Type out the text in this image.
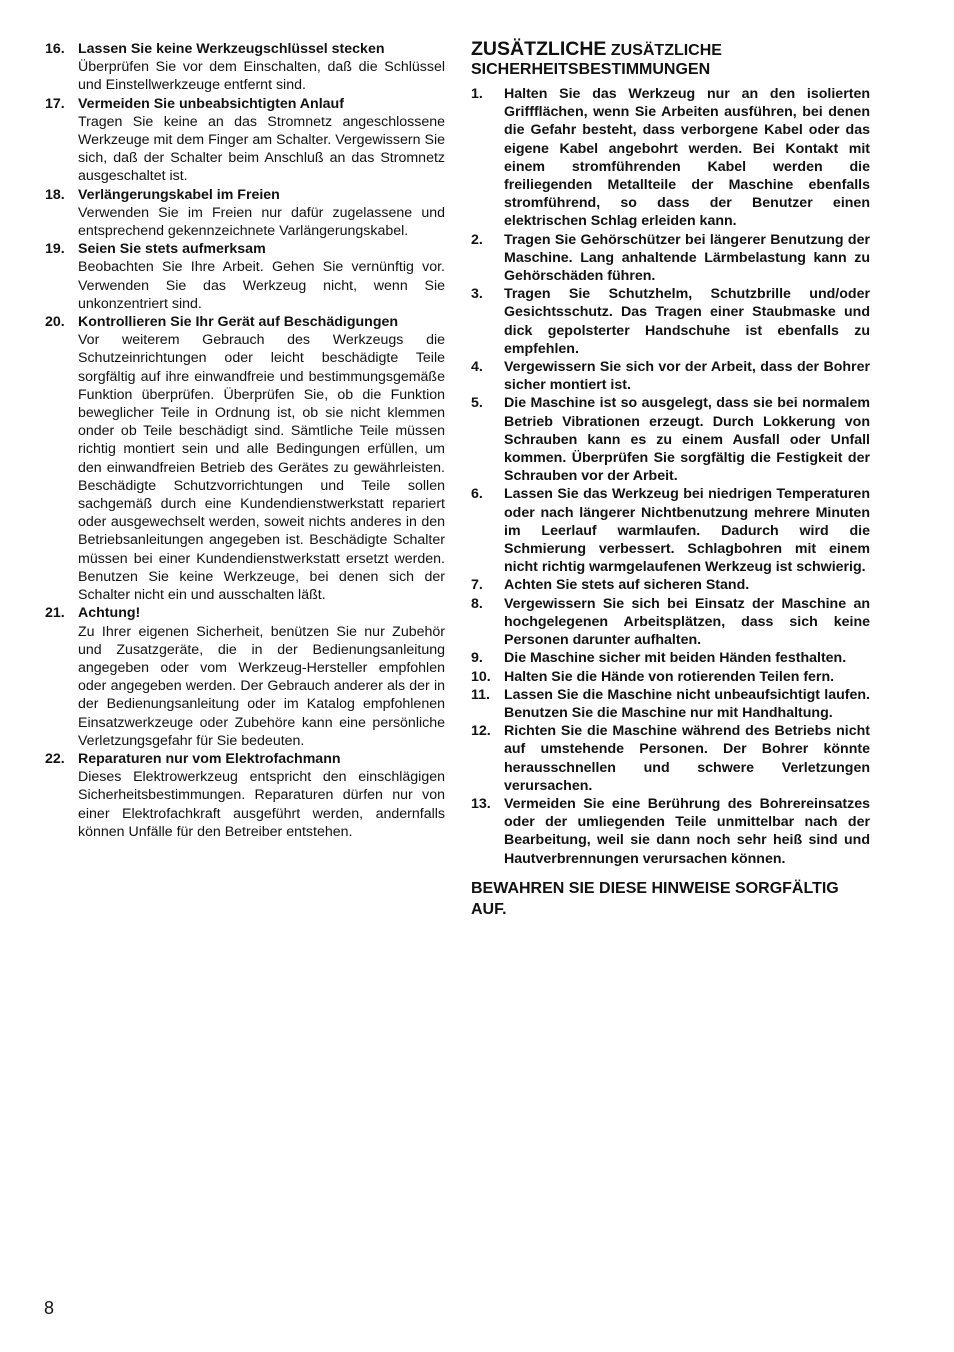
16. Lassen Sie keine Werkzeugschlüssel stecken
Überprüfen Sie vor dem Einschalten, daß die Schlüssel und Einstellwerkzeuge entfernt sind.
17. Vermeiden Sie unbeabsichtigten Anlauf
Tragen Sie keine an das Stromnetz angeschlossene Werkzeuge mit dem Finger am Schalter. Vergewissern Sie sich, daß der Schalter beim Anschluß an das Stromnetz ausgeschaltet ist.
18. Verlängerungskabel im Freien
Verwenden Sie im Freien nur dafür zugelassene und entsprechend gekennzeichnete Varlängerungskabel.
19. Seien Sie stets aufmerksam
Beobachten Sie Ihre Arbeit. Gehen Sie vernünftig vor. Verwenden Sie das Werkzeug nicht, wenn Sie unkonzentriert sind.
20. Kontrollieren Sie Ihr Gerät auf Beschädigungen
Vor weiterem Gebrauch des Werkzeugs die Schutzeinrichtungen oder leicht beschädigte Teile sorgfältig auf ihre einwandfreie und bestimmungsgemäße Funktion überprüfen. Überprüfen Sie, ob die Funktion beweglicher Teile in Ordnung ist, ob sie nicht klemmen onder ob Teile beschädigt sind. Sämtliche Teile müssen richtig montiert sein und alle Bedingungen erfüllen, um den einwandfreien Betrieb des Gerätes zu gewährleisten. Beschädigte Schutzvorrichtungen und Teile sollen sachgemäß durch eine Kundendienstwerkstatt repariert oder ausgewechselt werden, soweit nichts anderes in den Betriebsanleitungen angegeben ist. Beschädigte Schalter müssen bei einer Kundendienstwerkstatt ersetzt werden. Benutzen Sie keine Werkzeuge, bei denen sich der Schalter nicht ein und ausschalten läßt.
21. Achtung!
Zu Ihrer eigenen Sicherheit, benützen Sie nur Zubehör und Zusatzgeräte, die in der Bedienungsanleitung angegeben oder vom Werkzeug-Hersteller empfohlen oder angegeben werden. Der Gebrauch anderer als der in der Bedienungsanleitung oder im Katalog empfohlenen Einsatzwerkzeuge oder Zubehöre kann eine persönliche Verletzungsgefahr für Sie bedeuten.
22. Reparaturen nur vom Elektrofachmann
Dieses Elektrowerkzeug entspricht den einschlägigen Sicherheitsbestimmungen. Reparaturen dürfen nur von einer Elektrofachkraft ausgeführt werden, andernfalls können Unfälle für den Betreiber entstehen.
ZUSÄTZLICHE ZUSÄTZLICHE SICHERHEITSBESTIMMUNGEN
1.	Halten Sie das Werkzeug nur an den isolierten Griffflächen, wenn Sie Arbeiten ausführen, bei denen die Gefahr besteht, dass verborgene Kabel oder das eigene Kabel angebohrt werden. Bei Kontakt mit einem stromführenden Kabel werden die freiliegenden Metallteile der Maschine ebenfalls stromführend, so dass der Benutzer einen elektrischen Schlag erleiden kann.
2.	Tragen Sie Gehörschützer bei längerer Benutzung der Maschine. Lang anhaltende Lärmbelastung kann zu Gehörschäden führen.
3.	Tragen Sie Schutzhelm, Schutzbrille und/oder Gesichtsschutz. Das Tragen einer Staubmaske und dick gepolsterter Handschuhe ist ebenfalls zu empfehlen.
4.	Vergewissern Sie sich vor der Arbeit, dass der Bohrer sicher montiert ist.
5.	Die Maschine ist so ausgelegt, dass sie bei normalem Betrieb Vibrationen erzeugt. Durch Lokkerung von Schrauben kann es zu einem Ausfall oder Unfall kommen. Überprüfen Sie sorgfältig die Festigkeit der Schrauben vor der Arbeit.
6.	Lassen Sie das Werkzeug bei niedrigen Temperaturen oder nach längerer Nichtbenutzung mehrere Minuten im Leerlauf warmlaufen. Dadurch wird die Schmierung verbessert. Schlagbohren mit einem nicht richtig warmgelaufenen Werkzeug ist schwierig.
7.	Achten Sie stets auf sicheren Stand.
8.	Vergewissern Sie sich bei Einsatz der Maschine an hochgelegenen Arbeitsplätzen, dass sich keine Personen darunter aufhalten.
9.	Die Maschine sicher mit beiden Händen festhalten.
10. Halten Sie die Hände von rotierenden Teilen fern.
11. Lassen Sie die Maschine nicht unbeaufsichtigt laufen. Benutzen Sie die Maschine nur mit Handhaltung.
12. Richten Sie die Maschine während des Betriebs nicht auf umstehende Personen. Der Bohrer könnte herausschnellen und schwere Verletzungen verursachen.
13. Vermeiden Sie eine Berührung des Bohrereinsatzes oder der umliegenden Teile unmittelbar nach der Bearbeitung, weil sie dann noch sehr heiß sind und Hautverbrennungen verursachen können.
BEWAHREN SIE DIESE HINWEISE SORGFÄLTIG AUF.
8
